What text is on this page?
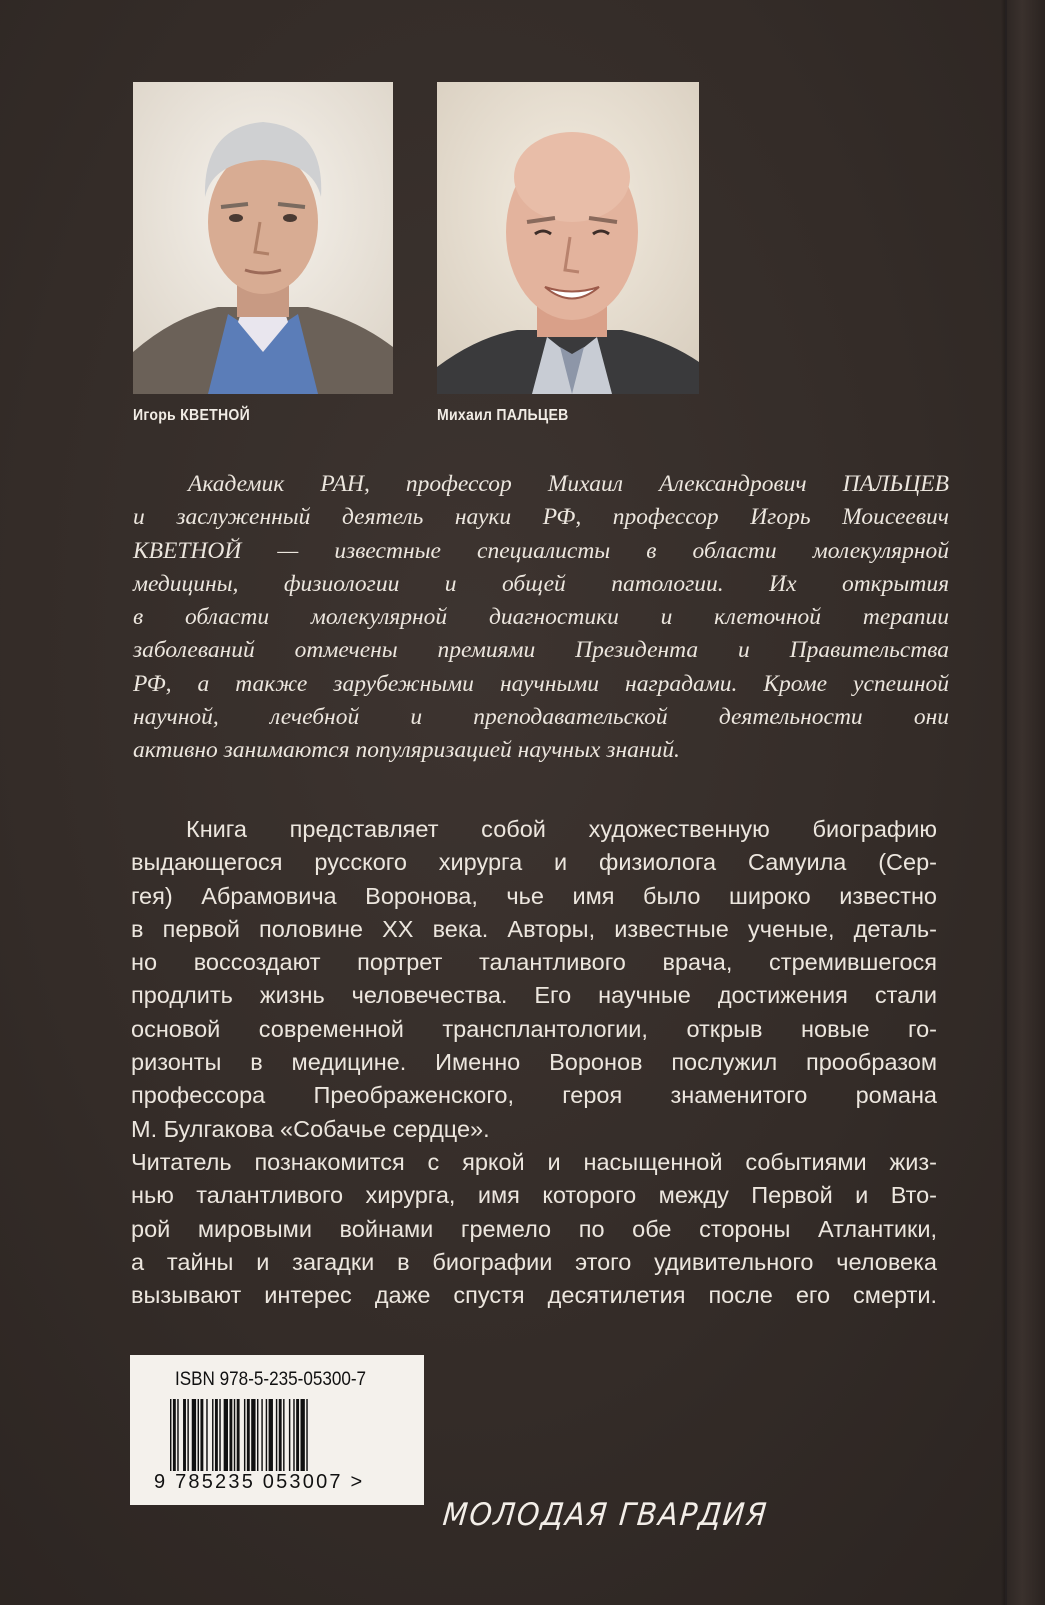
Игорь КВЕТНОЙ	Михаил ПАЛЬЦЕВ
Академик РАН, профессор Михаил Александрович ПАЛЬЦЕВ
и заслуженный деятель науки РФ, профессор Игорь Моисеевич
КВЕТНОЙ — известные специалисты в области молекулярной
медицины, физиологии и общей патологии. Их открытия
в области молекулярной диагностики и клеточной терапии
заболеваний отмечены премиями Президента и Правительства
РФ, а также зарубежными научными наградами. Кроме успешной
научной, лечебной и преподавательской деятельности они
активно занимаются популяризацией научных знаний.
Книга представляет собой художественную биографию
выдающегося русского хирурга и физиолога Самуила (Сер-
гея) Абрамовича Воронова, чье имя было широко известно
в первой половине XX века. Авторы, известные ученые, деталь-
но воссоздают портрет талантливого врача, стремившегося
продлить жизнь человечества. Его научные достижения стали
основой современной трансплантологии, открыв новые го-
ризонты в медицине. Именно Воронов послужил прообразом
профессора Преображенского, героя знаменитого романа
М. Булгакова «Собачье сердце».
Читатель познакомится с яркой и насыщенной событиями жиз-
нью талантливого хирурга, имя которого между Первой и Вто-
рой мировыми войнами гремело по обе стороны Атлантики,
а тайны и загадки в биографии этого удивительного человека
вызывают интерес даже спустя десятилетия после его смерти.
ISBN 978-5-235-05300-7
9 785235 053007 >
МОЛОДАЯ ГВАРДИЯ
